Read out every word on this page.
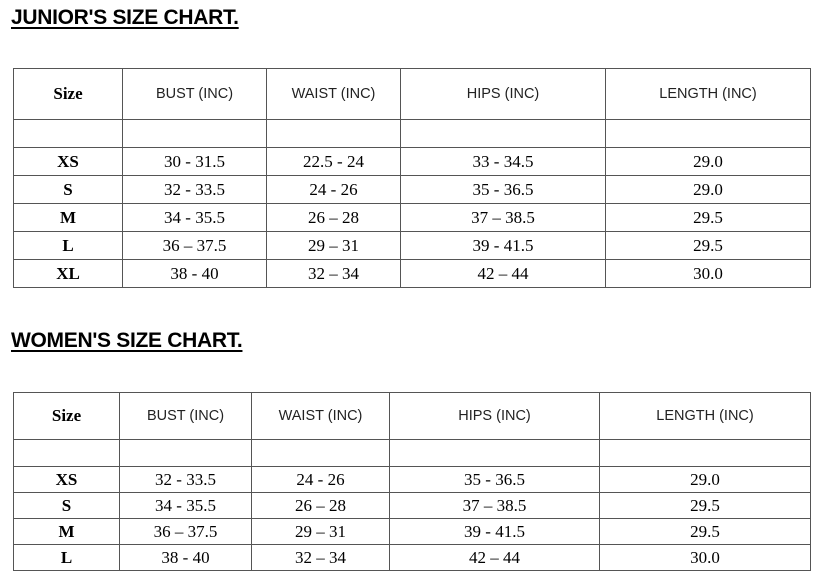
JUNIOR'S SIZE CHART.
Size	BUST (INC)	WAIST (INC)	HIPS (INC)	LENGTH (INC)

XS	30 - 31.5	22.5 - 24	33 - 34.5	29.0
S	32 - 33.5	24 - 26	35 - 36.5	29.0
M	34 - 35.5	26 – 28	37 – 38.5	29.5
L	36 – 37.5	29 – 31	39 - 41.5	29.5
XL	38 - 40	32 – 34	42 – 44	30.0
WOMEN'S SIZE CHART.
Size	BUST (INC)	WAIST (INC)	HIPS (INC)	LENGTH (INC)

XS	32 - 33.5	24 - 26	35 - 36.5	29.0
S	34 - 35.5	26 – 28	37 – 38.5	29.5
M	36 – 37.5	29 – 31	39 - 41.5	29.5
L	38 - 40	32 – 34	42 – 44	30.0
